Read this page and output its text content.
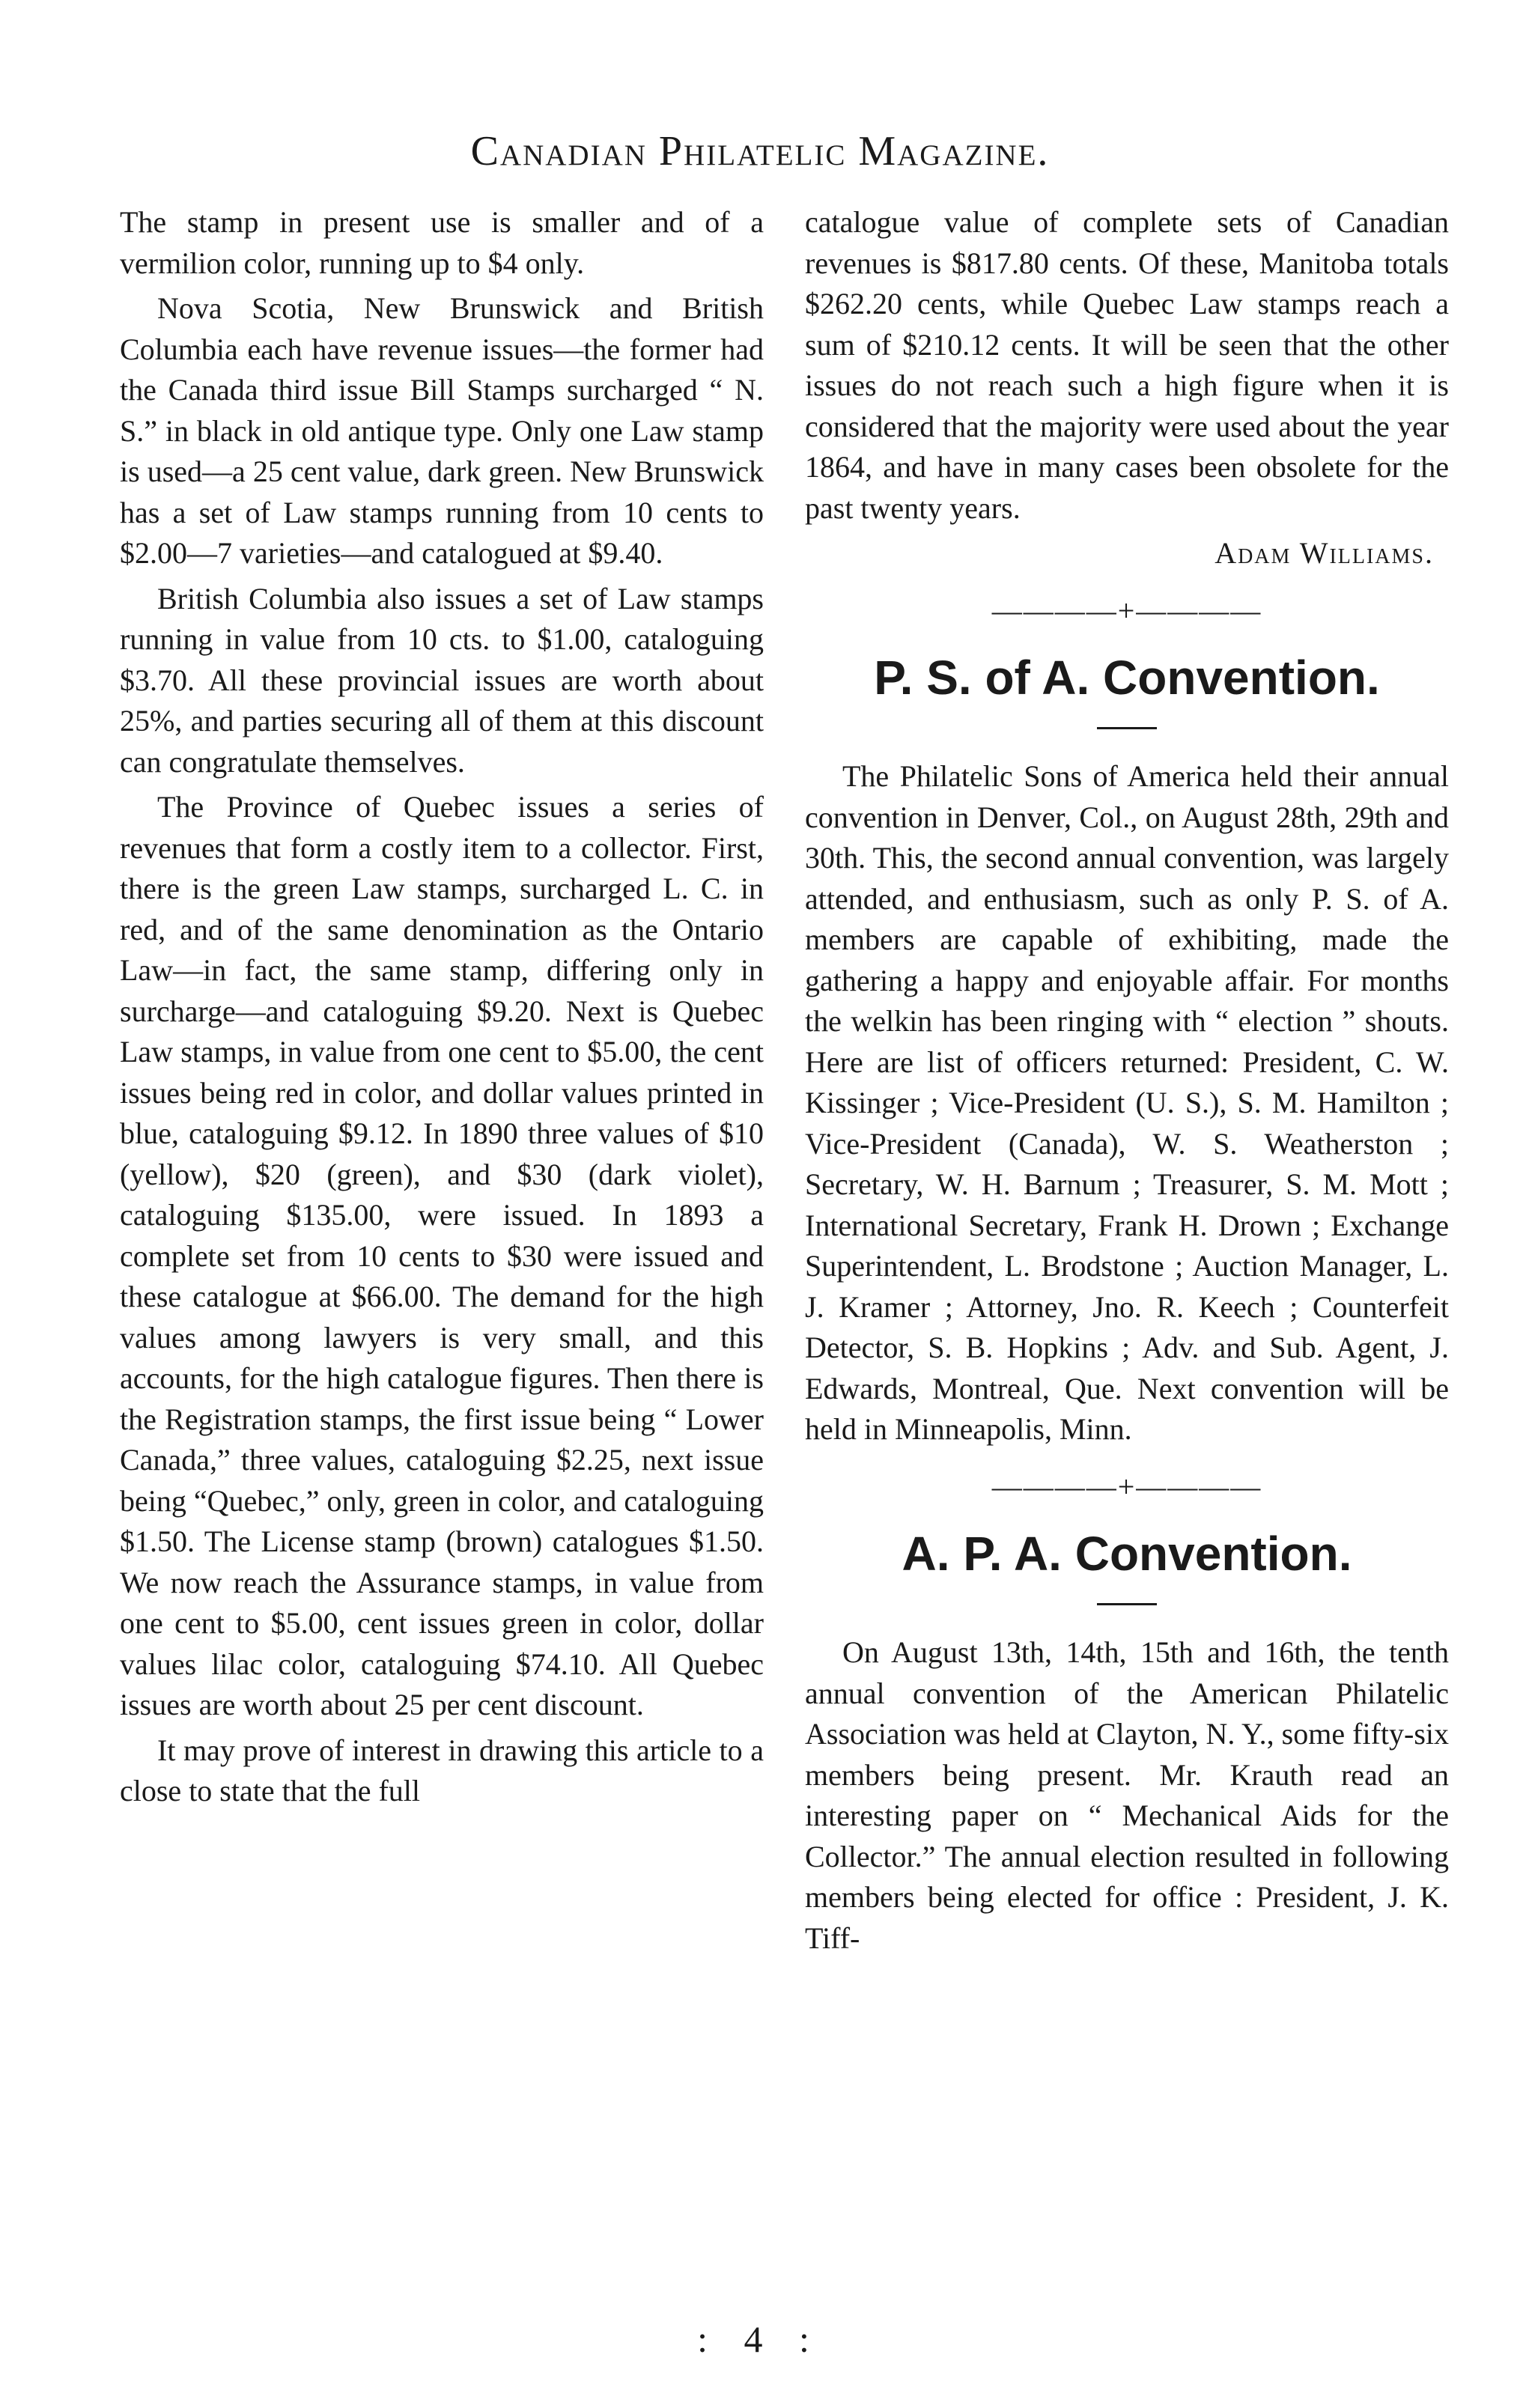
Canadian Philatelic Magazine.

The stamp in present use is smaller and of a vermilion color, running up to $4 only.

Nova Scotia, New Brunswick and British Columbia each have revenue issues—the former had the Canada third issue Bill Stamps surcharged “ N. S.” in black in old antique type. Only one Law stamp is used—a 25 cent value, dark green. New Brunswick has a set of Law stamps running from 10 cents to $2.00—7 varieties—and catalogued at $9.40.

British Columbia also issues a set of Law stamps running in value from 10 cts. to $1.00, cataloguing $3.70. All these provincial issues are worth about 25%, and parties securing all of them at this discount can congratulate themselves.

The Province of Quebec issues a series of revenues that form a costly item to a collector. First, there is the green Law stamps, surcharged L. C. in red, and of the same denomination as the Ontario Law—in fact, the same stamp, differing only in surcharge—and cataloguing $9.20. Next is Quebec Law stamps, in value from one cent to $5.00, the cent issues being red in color, and dollar values printed in blue, cataloguing $9.12. In 1890 three values of $10 (yellow), $20 (green), and $30 (dark violet), cataloguing $135.00, were issued. In 1893 a complete set from 10 cents to $30 were issued and these catalogue at $66.00. The demand for the high values among lawyers is very small, and this accounts, for the high catalogue figures. Then there is the Registration stamps, the first issue being “ Lower Canada,” three values, cataloguing $2.25, next issue being “Quebec,” only, green in color, and cataloguing $1.50. The License stamp (brown) catalogues $1.50. We now reach the Assurance stamps, in value from one cent to $5.00, cent issues green in color, dollar values lilac color, cataloguing $74.10. All Quebec issues are worth about 25 per cent discount.

It may prove of interest in drawing this article to a close to state that the full

catalogue value of complete sets of Canadian revenues is $817.80 cents. Of these, Manitoba totals $262.20 cents, while Quebec Law stamps reach a sum of $210.12 cents. It will be seen that the other issues do not reach such a high figure when it is considered that the majority were used about the year 1864, and have in many cases been obsolete for the past twenty years.

Adam Williams.
————+————
P. S. of A. Convention.

The Philatelic Sons of America held their annual convention in Denver, Col., on August 28th, 29th and 30th. This, the second annual convention, was largely attended, and enthusiasm, such as only P. S. of A. members are capable of exhibiting, made the gathering a happy and enjoyable affair. For months the welkin has been ringing with “ election ” shouts. Here are list of officers returned: President, C. W. Kissinger ; Vice-President (U. S.), S. M. Hamilton ; Vice-President (Canada), W. S. Weatherston ; Secretary, W. H. Barnum ; Treasurer, S. M. Mott ; International Secretary, Frank H. Drown ; Exchange Superintendent, L. Brodstone ; Auction Manager, L. J. Kramer ; Attorney, Jno. R. Keech ; Counterfeit Detector, S. B. Hopkins ; Adv. and Sub. Agent, J. Edwards, Montreal, Que. Next convention will be held in Minneapolis, Minn.

————+————
A. P. A. Convention.

On August 13th, 14th, 15th and 16th, the tenth annual convention of the American Philatelic Association was held at Clayton, N. Y., some fifty-six members being present. Mr. Krauth read an interesting paper on “ Mechanical Aids for the Collector.” The annual election resulted in following members being elected for office : President, J. K. Tiff-

: 4 :
